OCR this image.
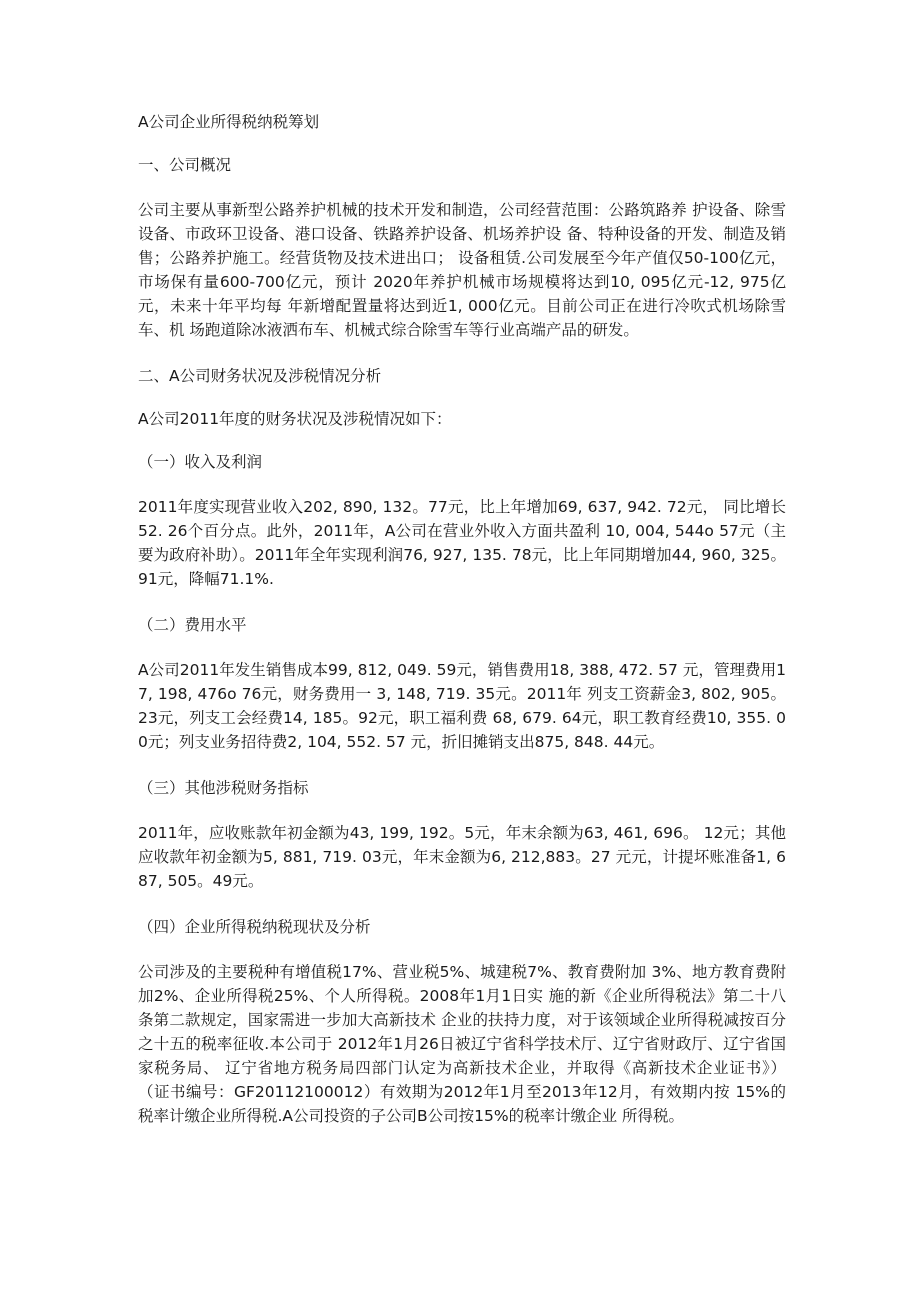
A公司企业所得税纳税筹划

一、公司概况

公司主要从事新型公路养护机械的技术开发和制造，公司经营范围：公路筑路养 护设备、除雪设备、市政环卫设备、港口设备、铁路养护设备、机场养护设 备、特种设备的开发、制造及销售；公路养护施工。经营货物及技术进出口； 设备租赁.公司发展至今年产值仅50-100亿元，市场保有量600-700亿元，预计 2020年养护机械市场规模将达到10, 095亿元-12, 975亿元，未来十年平均每 年新增配置量将达到近1, 000亿元。目前公司正在进行冷吹式机场除雪车、机 场跑道除冰液洒布车、机械式综合除雪车等行业高端产品的研发。

二、A公司财务状况及涉税情况分析

A公司2011年度的财务状况及涉税情况如下：

（一）收入及利润

2011年度实现营业收入202, 890, 132。77元，比上年增加69, 637, 942. 72元， 同比增长52. 26个百分点。此外，2011年，A公司在营业外收入方面共盈利 10, 004, 544o 57元（主要为政府补助）。2011年全年实现利润76, 927, 135. 78元，比上年同期增加44, 960, 325。91元，降幅71.1%.

（二）费用水平

A公司2011年发生销售成本99, 812, 049. 59元，销售费用18, 388, 472. 57 元，管理费用17, 198, 476o 76元，财务费用一 3, 148, 719. 35元。2011年 列支工资薪金3, 802, 905。23元，列支工会经费14, 185。92元，职工福利费 68, 679. 64元，职工教育经费10, 355. 00元；列支业务招待费2, 104, 552. 57 元，折旧摊销支出875, 848. 44元。

（三）其他涉税财务指标

2011年，应收账款年初金额为43, 199, 192。5元，年末余额为63, 461, 696。 12元；其他应收款年初金额为5, 881, 719. 03元，年末金额为6, 212,883。27 元元，计提坏账准备1, 687, 505。49元。

（四）企业所得税纳税现状及分析

公司涉及的主要税种有增值税17%、营业税5%、城建税7%、教育费附加 3%、地方教育费附加2%、企业所得税25%、个人所得税。2008年1月1日实 施的新《企业所得税法》第二十八条第二款规定，国家需进一步加大高新技术 企业的扶持力度，对于该领域企业所得税减按百分之十五的税率征收.本公司于 2012年1月26日被辽宁省科学技术厅、辽宁省财政厅、辽宁省国家税务局、 辽宁省地方税务局四部门认定为高新技术企业，并取得《高新技术企业证书》） （证书编号：GF20112100012）有效期为2012年1月至2013年12月，有效期内按 15%的税率计缴企业所得税.A公司投资的子公司B公司按15%的税率计缴企业 所得税。
